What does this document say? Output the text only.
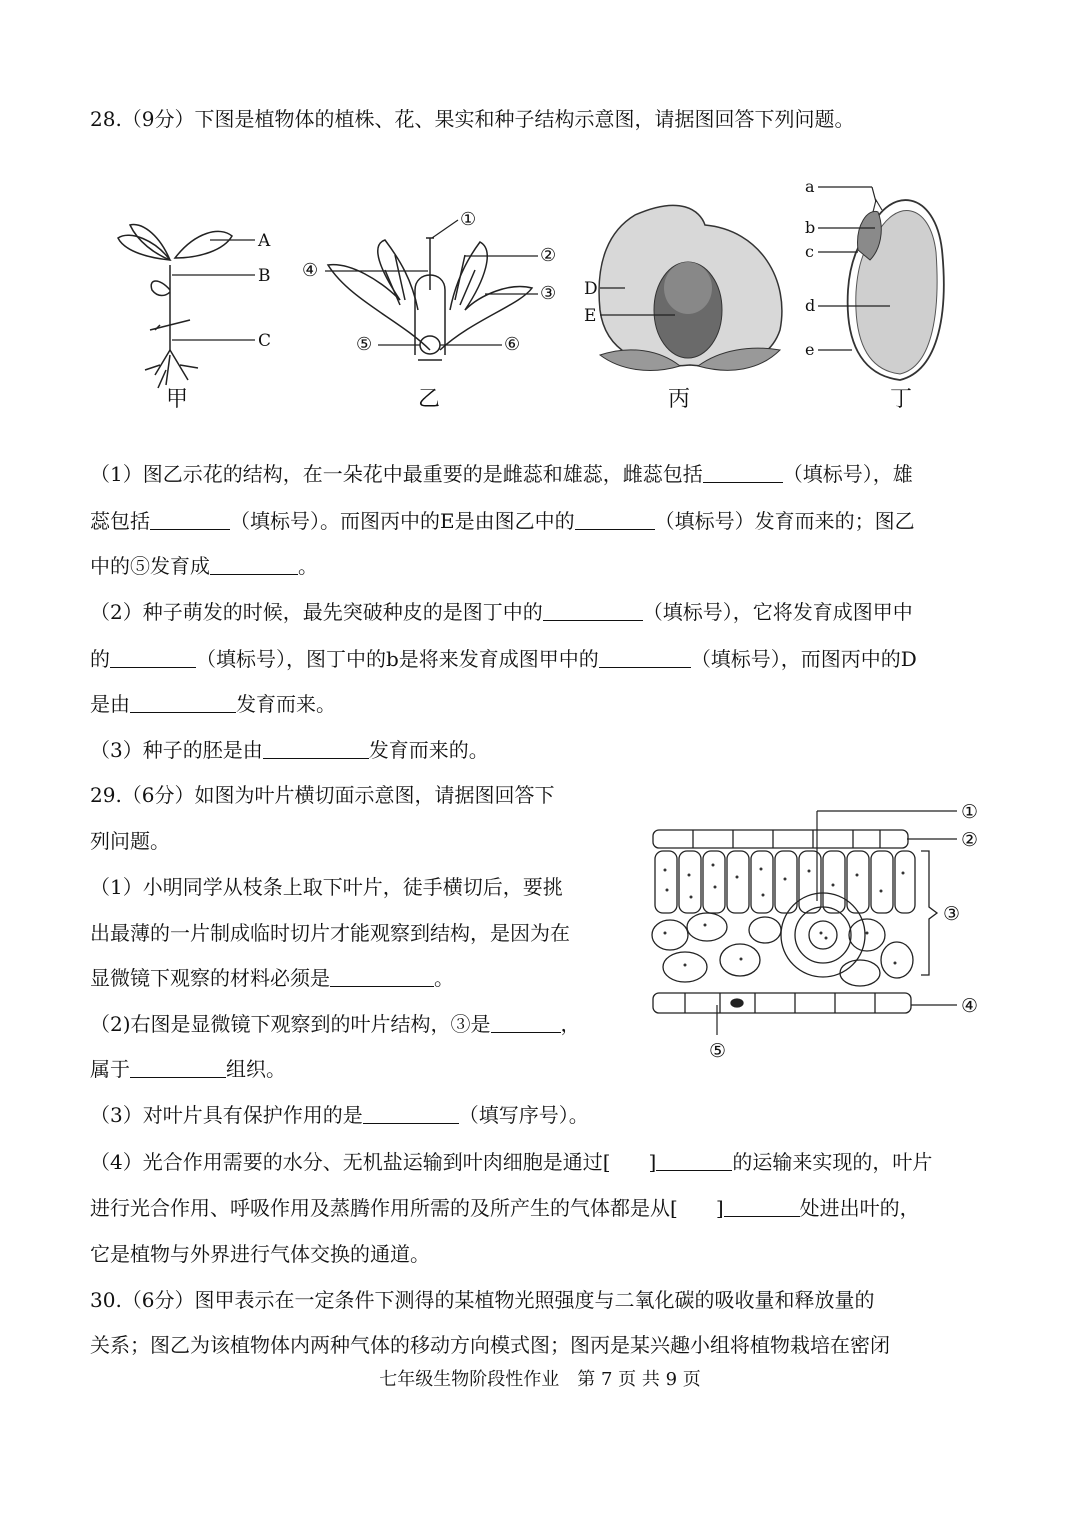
28.（9分）下图是植物体的植株、花、果实和种子结构示意图，请据图回答下列问题。
A
B
C
甲
①
②
③
④
⑤	⑥
乙
D
E
丙
a
b
c
d
e
丁
（1）图乙示花的结构，在一朵花中最重要的是雌蕊和雄蕊，雌蕊包括	（填标号），雄
蕊包括	（填标号）。而图丙中的E是由图乙中的	（填标号）发育而来的；图乙
中的⑤发育成	。
（2）种子萌发的时候，最先突破种皮的是图丁中的	（填标号），它将发育成图甲中
的	（填标号），图丁中的b是将来发育成图甲中的	（填标号），而图丙中的D
是由	发育而来。
（3）种子的胚是由	发育而来的。
29.（6分）如图为叶片横切面示意图，请据图回答下
列问题。
（1）小明同学从枝条上取下叶片，徒手横切后，要挑
出最薄的一片制成临时切片才能观察到结构，是因为在
显微镜下观察的材料必须是	。
（2)右图是显微镜下观察到的叶片结构，③是	，
属于	组织。
①
②
③
④
⑤
（3）对叶片具有保护作用的是	（填写序号）。
（4）光合作用需要的水分、无机盐运输到叶肉细胞是通过[ ]	的运输来实现的，叶片
进行光合作用、呼吸作用及蒸腾作用所需的及所产生的气体都是从[ ]	处进出叶的，
它是植物与外界进行气体交换的通道。
30.（6分）图甲表示在一定条件下测得的某植物光照强度与二氧化碳的吸收量和释放量的
关系；图乙为该植物体内两种气体的移动方向模式图；图丙是某兴趣小组将植物栽培在密闭
七年级生物阶段性作业　第 7 页 共 9 页
